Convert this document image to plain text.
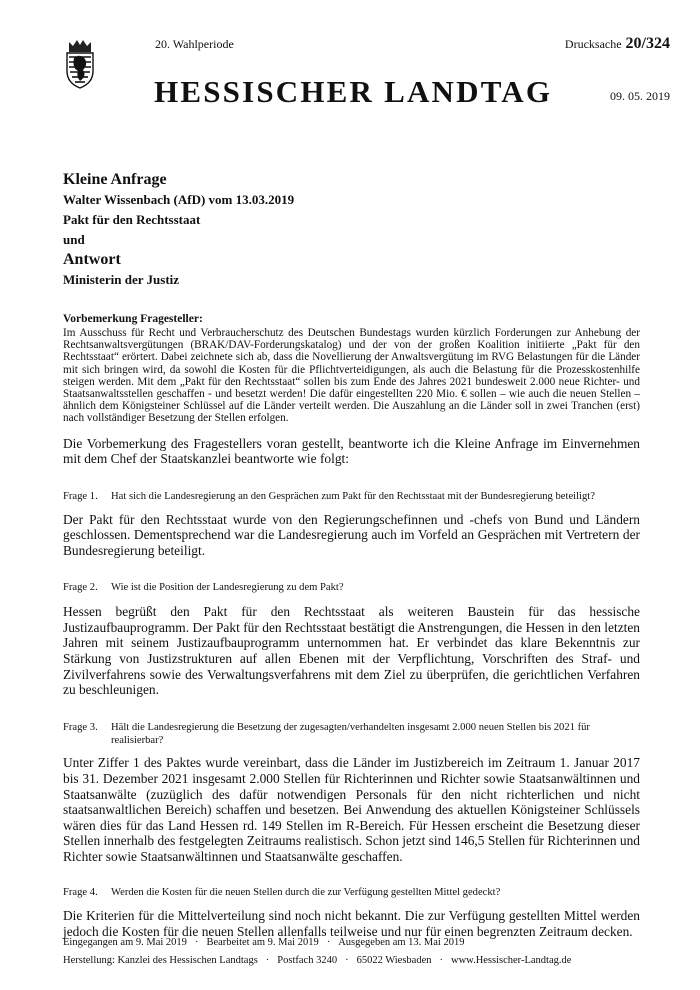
20. Wahlperiode	Drucksache 20/324
HESSISCHER LANDTAG	09. 05. 2019
Kleine Anfrage
Walter Wissenbach (AfD) vom 13.03.2019
Pakt für den Rechtsstaat
und
Antwort
Ministerin der Justiz
Vorbemerkung Fragesteller:

Im Ausschuss für Recht und Verbraucherschutz des Deutschen Bundestags wurden kürzlich Forderungen zur Anhebung der Rechtsanwaltsvergütungen (BRAK/DAV-Forderungskatalog) und der von der großen Koalition initiierte „Pakt für den Rechtsstaat“ erörtert. Dabei zeichnete sich ab, dass die Novellierung der Anwaltsvergütung im RVG Belastungen für die Länder mit sich bringen wird, da sowohl die Kosten für die Pflichtverteidigungen, als auch die Belastung für die Prozesskostenhilfe steigen werden. Mit dem „Pakt für den Rechtsstaat“ sollen bis zum Ende des Jahres 2021 bundesweit 2.000 neue Richter- und Staatsanwaltsstellen geschaffen - und besetzt werden! Die dafür eingestellten 220 Mio. € sollen – wie auch die neuen Stellen – ähnlich dem Königsteiner Schlüssel auf die Länder verteilt werden. Die Auszahlung an die Länder soll in zwei Tranchen (erst) nach vollständiger Besetzung der Stellen erfolgen.

Die Vorbemerkung des Fragestellers voran gestellt, beantworte ich die Kleine Anfrage im Einvernehmen mit dem Chef der Staatskanzlei beantworte wie folgt:

Frage 1.	Hat sich die Landesregierung an den Gesprächen zum Pakt für den Rechtsstaat mit der Bundesregierung beteiligt?

Der Pakt für den Rechtsstaat wurde von den Regierungschefinnen und -chefs von Bund und Ländern geschlossen. Dementsprechend war die Landesregierung auch im Vorfeld an Gesprächen mit Vertretern der Bundesregierung beteiligt.

Frage 2.	Wie ist die Position der Landesregierung zu dem Pakt?

Hessen begrüßt den Pakt für den Rechtsstaat als weiteren Baustein für das hessische Justizaufbauprogramm. Der Pakt für den Rechtsstaat bestätigt die Anstrengungen, die Hessen in den letzten Jahren mit seinem Justizaufbauprogramm unternommen hat. Er verbindet das klare Bekenntnis zur Stärkung von Justizstrukturen auf allen Ebenen mit der Verpflichtung, Vorschriften des Straf- und Zivilverfahrens sowie des Verwaltungsverfahrens mit dem Ziel zu überprüfen, die gerichtlichen Verfahren zu beschleunigen.

Frage 3.	Hält die Landesregierung die Besetzung der zugesagten/verhandelten insgesamt 2.000 neuen Stellen bis 2021 für realisierbar?

Unter Ziffer 1 des Paktes wurde vereinbart, dass die Länder im Justizbereich im Zeitraum 1. Januar 2017 bis 31. Dezember 2021 insgesamt 2.000 Stellen für Richterinnen und Richter sowie Staatsanwältinnen und Staatsanwälte (zuzüglich des dafür notwendigen Personals für den nicht richterlichen und nicht staatsanwaltlichen Bereich) schaffen und besetzen. Bei Anwendung des aktuellen Königsteiner Schlüssels wären dies für das Land Hessen rd. 149 Stellen im R-Bereich. Für Hessen erscheint die Besetzung dieser Stellen innerhalb des festgelegten Zeitraums realistisch. Schon jetzt sind 146,5 Stellen für Richterinnen und Richter sowie Staatsanwältinnen und Staatsanwälte geschaffen.

Frage 4.	Werden die Kosten für die neuen Stellen durch die zur Verfügung gestellten Mittel gedeckt?

Die Kriterien für die Mittelverteilung sind noch nicht bekannt. Die zur Verfügung gestellten Mittel werden jedoch die Kosten für die neuen Stellen allenfalls teilweise und nur für einen begrenzten Zeitraum decken.

Eingegangen am 9. Mai 2019 · Bearbeitet am 9. Mai 2019 · Ausgegeben am 13. Mai 2019
Herstellung: Kanzlei des Hessischen Landtags · Postfach 3240 · 65022 Wiesbaden · www.Hessischer-Landtag.de
